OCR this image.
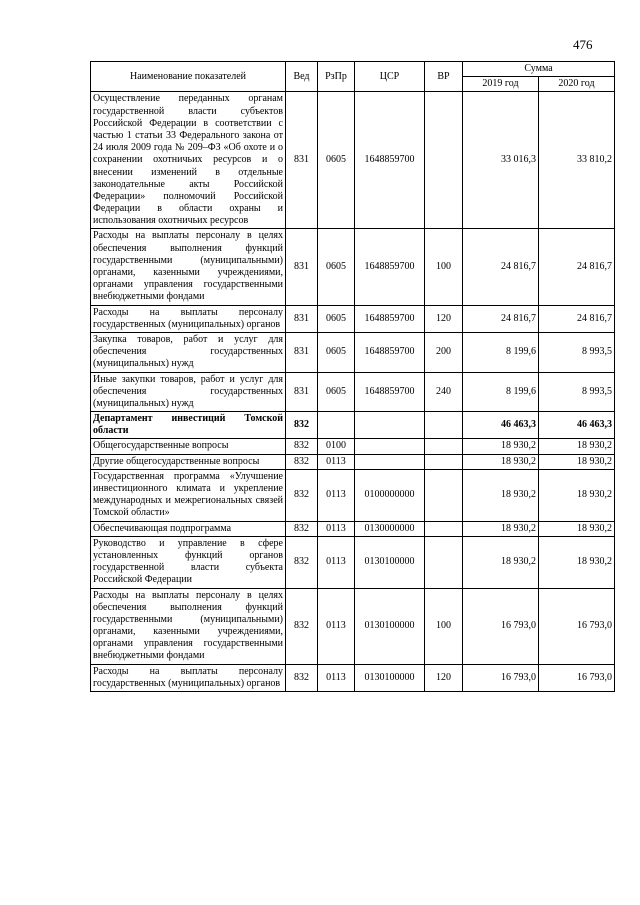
476
Наименование показателей	Вед	РзПр	ЦСР	ВР	Сумма	
					2019 год	2020 год
Осуществление переданных органам государственной власти субъектов Российской Федерации в соответствии с частью 1 статьи 33 Федерального закона от 24 июля 2009 года № 209–ФЗ «Об охоте и о сохранении охотничьих ресурсов и о внесении изменений в отдельные законодательные акты Российской Федерации» полномочий Российской Федерации в области охраны и использования охотничьих ресурсов	831	0605	1648859700		33 016,3	33 810,2
Расходы на выплаты персоналу в целях обеспечения выполнения функций государственными (муниципальными) органами, казенными учреждениями, органами управления государственными внебюджетными фондами	831	0605	1648859700	100	24 816,7	24 816,7
Расходы на выплаты персоналу государственных (муниципальных) органов	831	0605	1648859700	120	24 816,7	24 816,7
Закупка товаров, работ и услуг для обеспечения государственных (муниципальных) нужд	831	0605	1648859700	200	8 199,6	8 993,5
Иные закупки товаров, работ и услуг для обеспечения государственных (муниципальных) нужд	831	0605	1648859700	240	8 199,6	8 993,5
Департамент инвестиций Томской области	832				46 463,3	46 463,3
Общегосударственные вопросы	832	0100			18 930,2	18 930,2
Другие общегосударственные вопросы	832	0113			18 930,2	18 930,2
Государственная программа «Улучшение инвестиционного климата и укрепление международных и межрегиональных связей Томской области»	832	0113	0100000000		18 930,2	18 930,2
Обеспечивающая подпрограмма	832	0113	0130000000		18 930,2	18 930,2
Руководство и управление в сфере установленных функций органов государственной власти субъекта Российской Федерации	832	0113	0130100000		18 930,2	18 930,2
Расходы на выплаты персоналу в целях обеспечения выполнения функций государственными (муниципальными) органами, казенными учреждениями, органами управления государственными внебюджетными фондами	832	0113	0130100000	100	16 793,0	16 793,0
Расходы на выплаты персоналу государственных (муниципальных) органов	832	0113	0130100000	120	16 793,0	16 793,0
